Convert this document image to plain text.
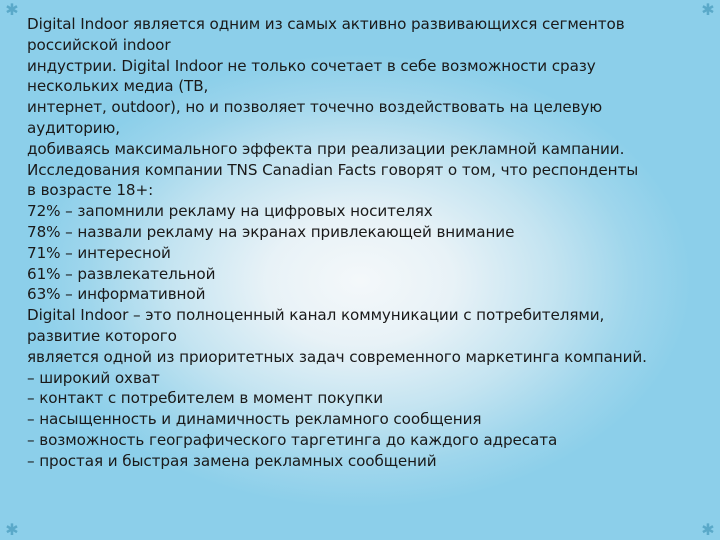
✱	✱
✱	✱
Digital Indoor является одним из самых активно развивающихся сегментов
российской indoor
индустрии. Digital Indoor не только сочетает в себе возможности сразу
нескольких медиа (ТВ,
интернет, outdoor), но и позволяет точечно воздействовать на целевую
аудиторию,
добиваясь максимального эффекта при реализации рекламной кампании.
Исследования компании TNS Canadian Facts говорят о том, что респонденты
в возрасте 18+:
72% – запомнили рекламу на цифровых носителях
78% – назвали рекламу на экранах привлекающей внимание
71% – интересной
61% – развлекательной
63% – информативной
Digital Indoor – это полноценный канал коммуникации с потребителями,
развитие которого
является одной из приоритетных задач современного маркетинга компаний.
– широкий охват
– контакт с потребителем в момент покупки
– насыщенность и динамичность рекламного сообщения
– возможность географического таргетинга до каждого адресата
– простая и быстрая замена рекламных сообщений
